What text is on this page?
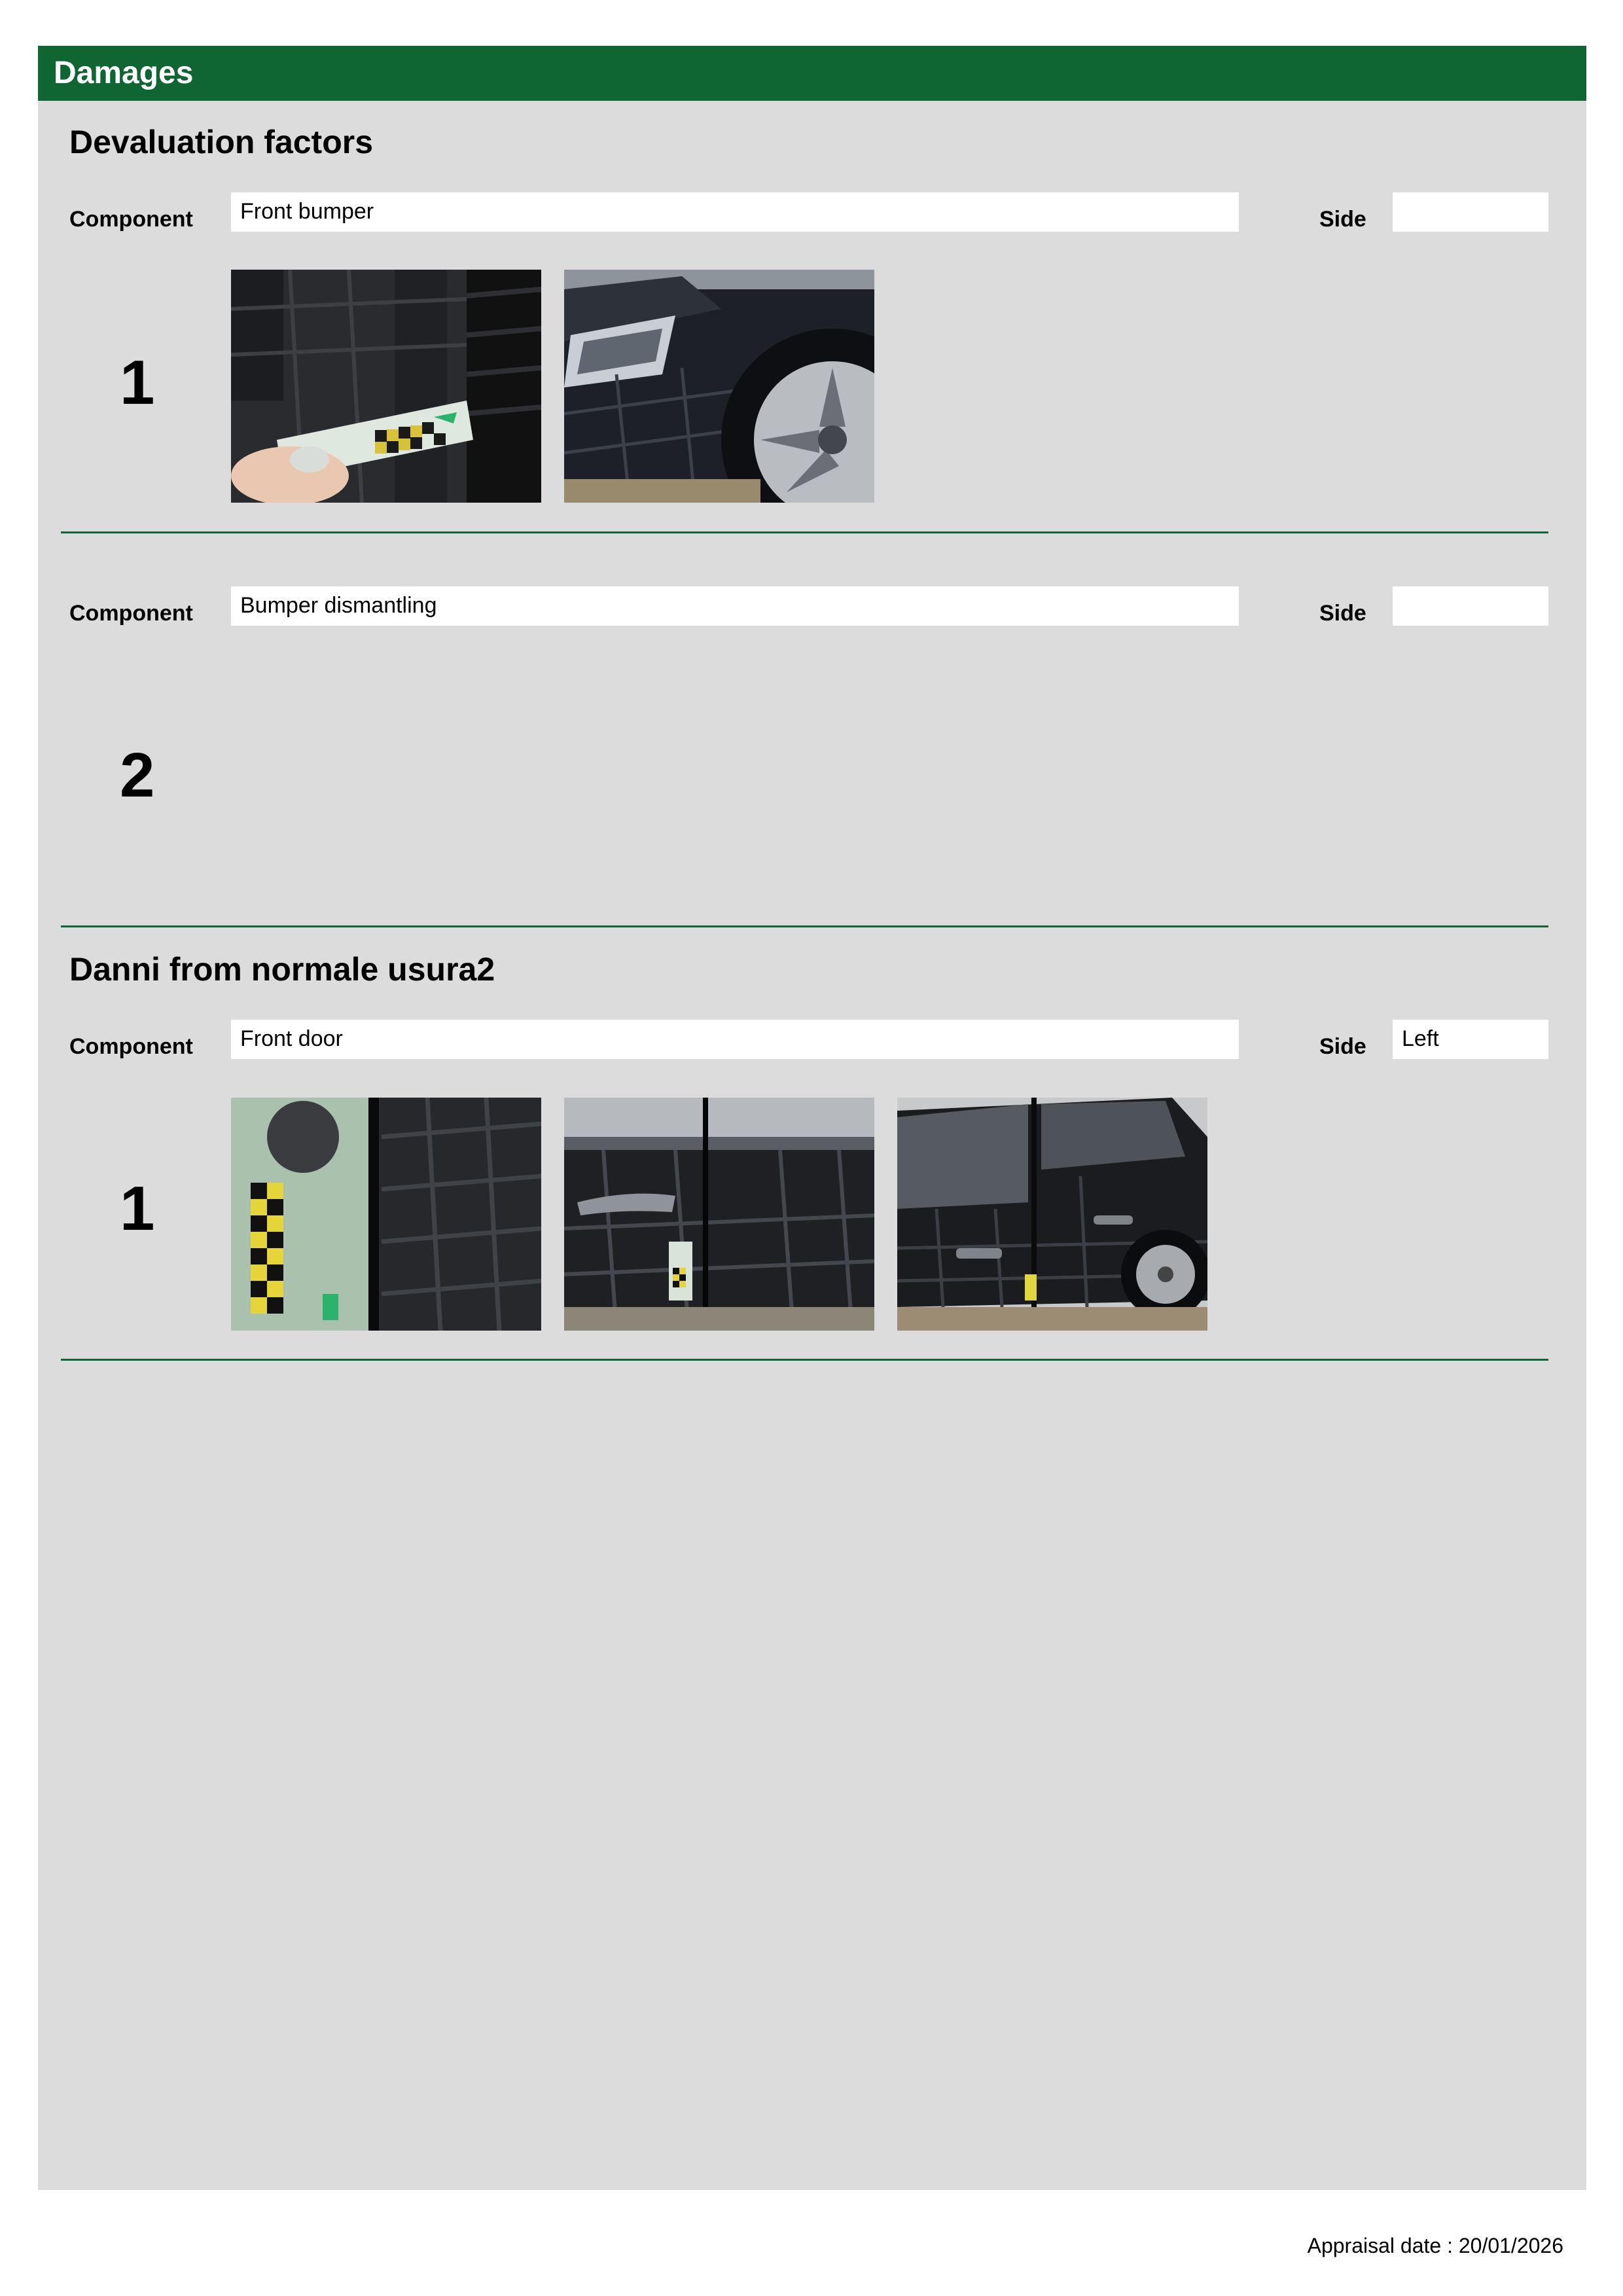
Damages
Devaluation factors
Component	Front bumper	Side
1
Component	Bumper dismantling	Side
2
Danni from normale usura2
Component	Front door	Side	Left
1
Appraisal date : 20/01/2026
